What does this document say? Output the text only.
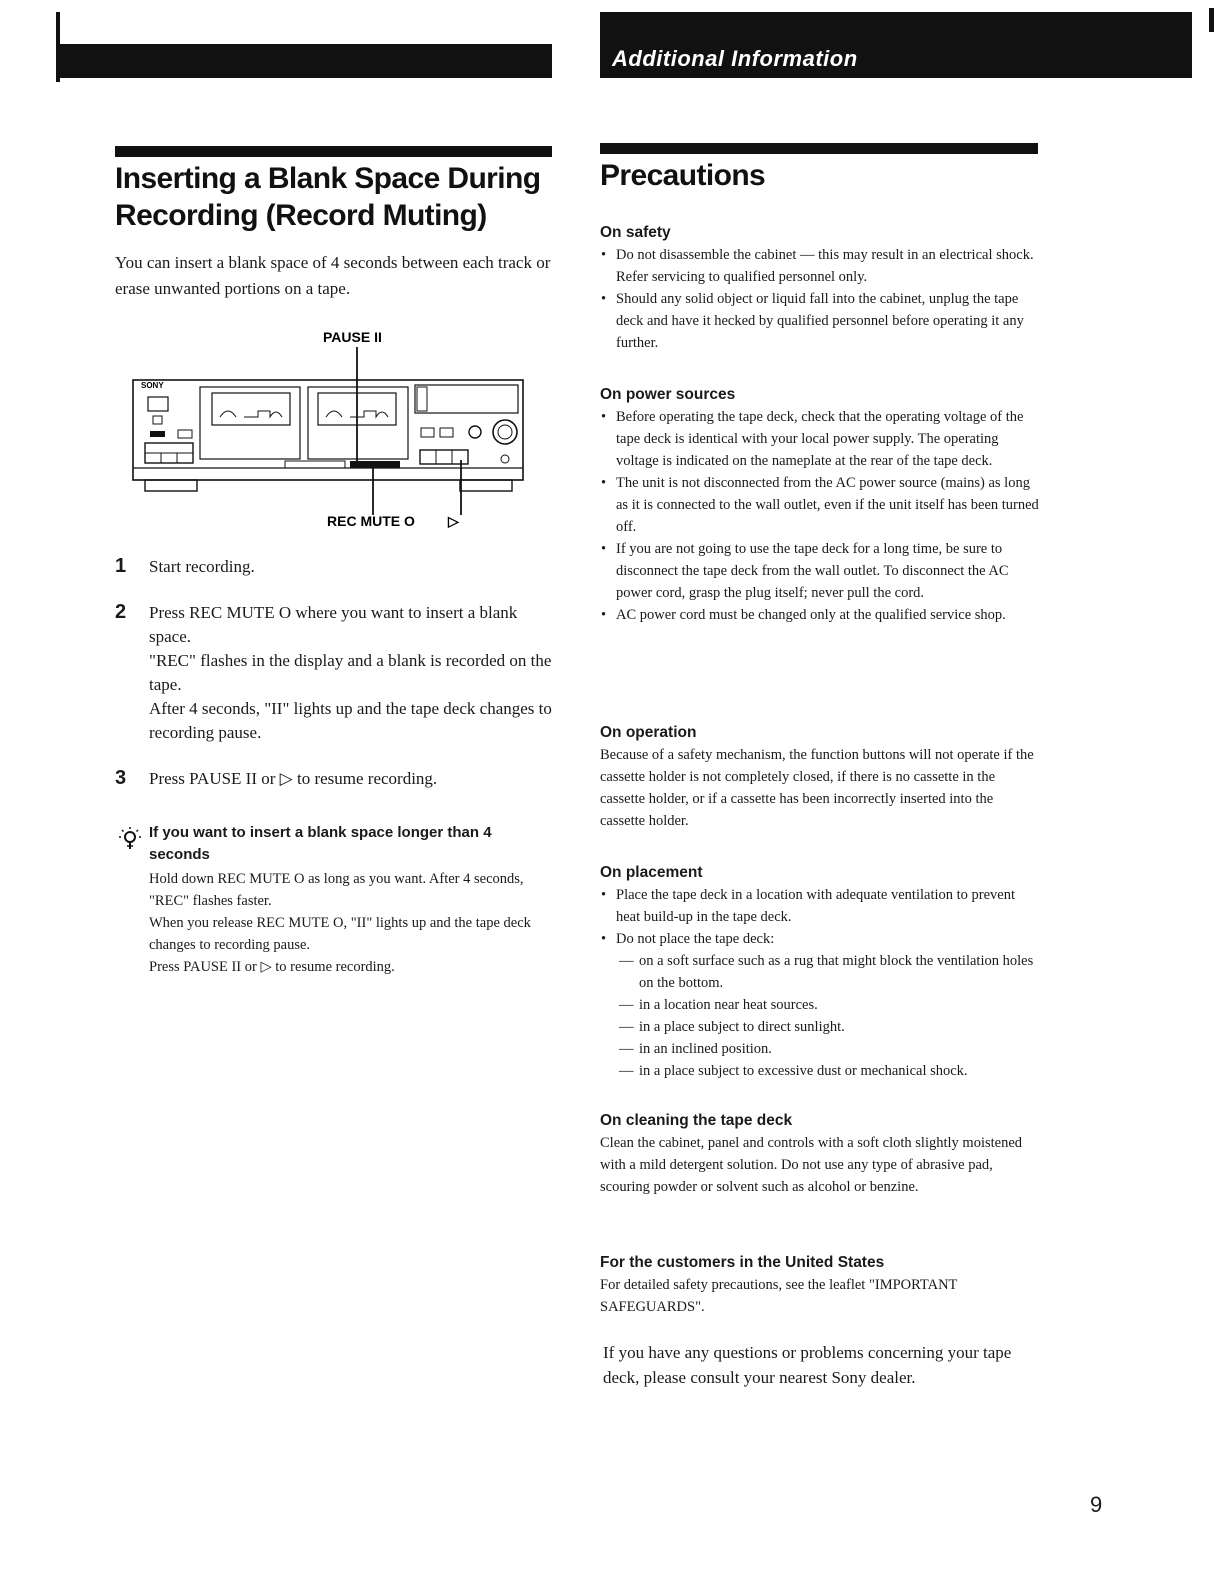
Additional Information
Inserting a Blank Space During
Recording (Record Muting)
You can insert a blank space of 4 seconds between each track or erase unwanted portions on a tape.
PAUSE II
SONY
REC MUTE O ▷
1 Start recording.
2 Press REC MUTE O where you want to insert a blank space.
"REC" flashes in the display and a blank is recorded on the tape.
After 4 seconds, "II" lights up and the tape deck changes to recording pause.
3 Press PAUSE II or ▷ to resume recording.
If you want to insert a blank space longer than 4 seconds

Hold down REC MUTE O as long as you want. After 4 seconds, "REC" flashes faster.

When you release REC MUTE O, "II" lights up and the tape deck changes to recording pause.

Press PAUSE II or ▷ to resume recording.

Precautions

On safety

• Do not disassemble the cabinet — this may result in an electrical shock. Refer servicing to qualified personnel only.
• Should any solid object or liquid fall into the cabinet, unplug the tape deck and have it hecked by qualified personnel before operating it any further.

On power sources

• Before operating the tape deck, check that the operating voltage of the tape deck is identical with your local power supply. The operating voltage is indicated on the nameplate at the rear of the tape deck.
• The unit is not disconnected from the AC power source (mains) as long as it is connected to the wall outlet, even if the unit itself has been turned off.
• If you are not going to use the tape deck for a long time, be sure to disconnect the tape deck from the wall outlet. To disconnect the AC power cord, grasp the plug itself; never pull the cord.
• AC power cord must be changed only at the qualified service shop.

On operation

Because of a safety mechanism, the function buttons will not operate if the cassette holder is not completely closed, if there is no cassette in the cassette holder, or if a cassette has been incorrectly inserted into the cassette holder.

On placement

• Place the tape deck in a location with adequate ventilation to prevent heat build-up in the tape deck.
• Do not place the tape deck:
— on a soft surface such as a rug that might block the ventilation holes on the bottom.
— in a location near heat sources.
— in a place subject to direct sunlight.
— in an inclined position.
— in a place subject to excessive dust or mechanical shock.

On cleaning the tape deck

Clean the cabinet, panel and controls with a soft cloth slightly moistened with a mild detergent solution. Do not use any type of abrasive pad, scouring powder or solvent such as alcohol or benzine.

For the customers in the United States

For detailed safety precautions, see the leaflet "IMPORTANT SAFEGUARDS".

If you have any questions or problems concerning your tape deck, please consult your nearest Sony dealer.
9
